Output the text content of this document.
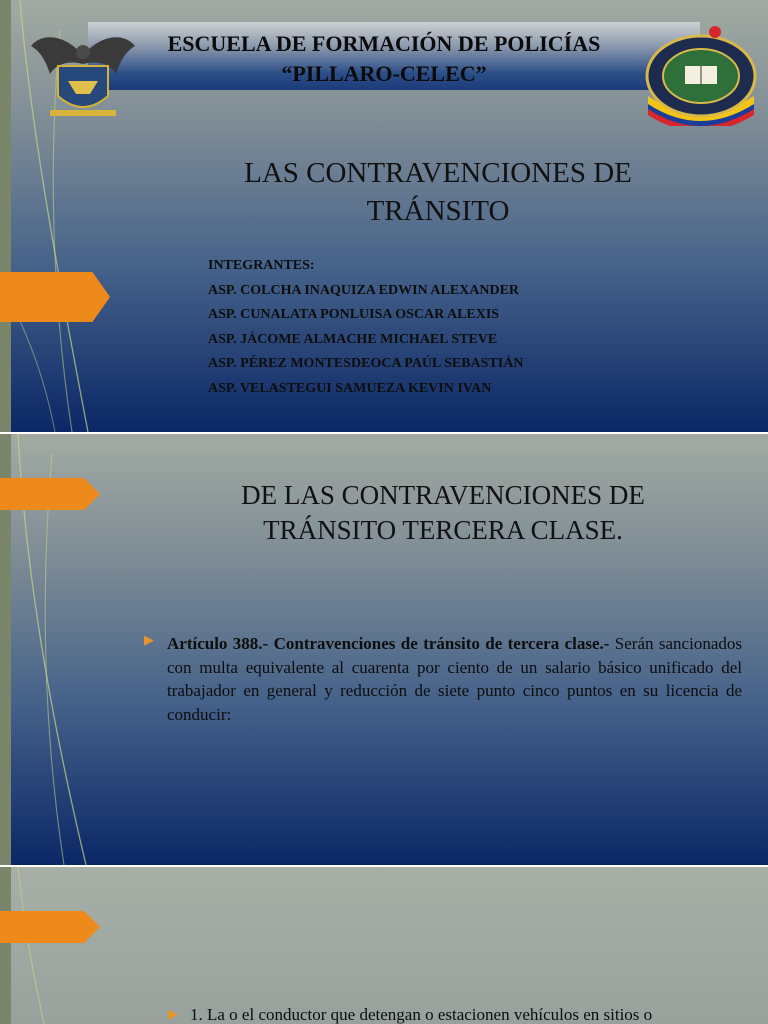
ESCUELA DE FORMACIÓN DE POLICÍAS
“PILLARO-CELEC”
LAS CONTRAVENCIONES DE
TRÁNSITO
INTEGRANTES:
ASP. COLCHA INAQUIZA EDWIN ALEXANDER
ASP. CUNALATA PONLUISA OSCAR ALEXIS
ASP. JÁCOME ALMACHE MICHAEL STEVE
ASP. PÉREZ MONTESDEOCA PAÚL SEBASTIÁN
ASP. VELASTEGUI SAMUEZA KEVIN IVAN
DE LAS CONTRAVENCIONES DE
TRÁNSITO TERCERA CLASE.
▶ Artículo 388.- Contravenciones de tránsito de tercera clase.- Serán sancionados con multa equivalente al cuarenta por ciento de un salario básico unificado del trabajador en general y reducción de siete punto cinco puntos en su licencia de conducir:
▶ 1. La o el conductor que detengan o estacionen vehículos en sitios o
